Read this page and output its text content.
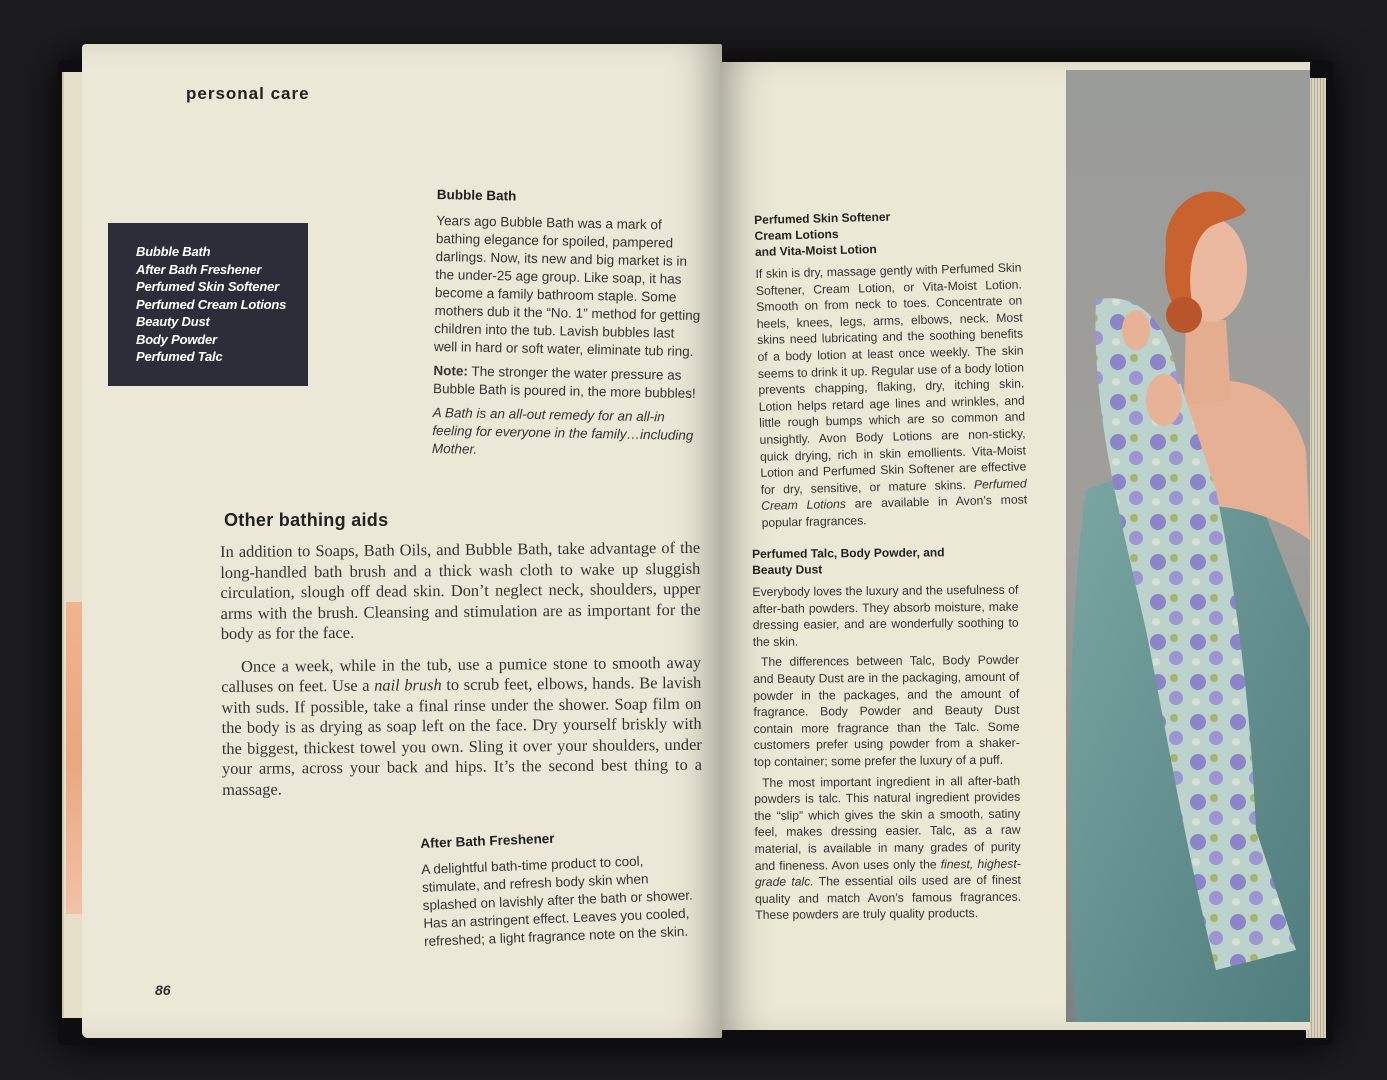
personal care
Bubble Bath
After Bath Freshener
Perfumed Skin Softener
Perfumed Cream Lotions
Beauty Dust
Body Powder
Perfumed Talc
Bubble Bath

Years ago Bubble Bath was a mark of bathing elegance for spoiled, pampered darlings. Now, its new and big market is in the under-25 age group. Like soap, it has become a family bathroom staple. Some mothers dub it the “No. 1” method for getting children into the tub. Lavish bubbles last well in hard or soft water, eliminate tub ring.

Note: The stronger the water pressure as Bubble Bath is poured in, the more bubbles!

A Bath is an all-out remedy for an all-in feeling for everyone in the family…including Mother.

Other bathing aids

In addition to Soaps, Bath Oils, and Bubble Bath, take advantage of the long-handled bath brush and a thick wash cloth to wake up sluggish circulation, slough off dead skin. Don’t neglect neck, shoulders, upper arms with the brush. Cleansing and stimulation are as important for the body as for the face.

Once a week, while in the tub, use a pumice stone to smooth away calluses on feet. Use a nail brush to scrub feet, elbows, hands. Be lavish with suds. If possible, take a final rinse under the shower. Soap film on the body is as drying as soap left on the face. Dry yourself briskly with the biggest, thickest towel you own. Sling it over your shoulders, under your arms, across your back and hips. It’s the second best thing to a massage.

After Bath Freshener

A delightful bath-time product to cool, stimulate, and refresh body skin when splashed on lavishly after the bath or shower. Has an astringent effect. Leaves you cooled, refreshed; a light fragrance note on the skin.

86
Perfumed Skin Softener
Cream Lotions
and Vita-Moist Lotion

If skin is dry, massage gently with Perfumed Skin Softener, Cream Lotion, or Vita-Moist Lotion. Smooth on from neck to toes. Concentrate on heels, knees, legs, arms, elbows, neck. Most skins need lubricating and the soothing benefits of a body lotion at least once weekly. The skin seems to drink it up. Regular use of a body lotion prevents chapping, flaking, dry, itching skin. Lotion helps retard age lines and wrinkles, and little rough bumps which are so common and unsightly. Avon Body Lotions are non-sticky, quick drying, rich in skin emollients. Vita-Moist Lotion and Perfumed Skin Softener are effective for dry, sensitive, or mature skins. Perfumed Cream Lotions are available in Avon’s most popular fragrances.

Perfumed Talc, Body Powder, and
Beauty Dust

Everybody loves the luxury and the usefulness of after-bath powders. They absorb moisture, make dressing easier, and are wonderfully soothing to the skin.

The differences between Talc, Body Powder and Beauty Dust are in the packaging, amount of powder in the packages, and the amount of fragrance. Body Powder and Beauty Dust contain more fragrance than the Talc. Some customers prefer using powder from a shaker-top container; some prefer the luxury of a puff.

The most important ingredient in all after-bath powders is talc. This natural ingredient provides the “slip” which gives the skin a smooth, satiny feel, makes dressing easier. Talc, as a raw material, is available in many grades of purity and fineness. Avon uses only the finest, highest-grade talc. The essential oils used are of finest quality and match Avon’s famous fragrances. These powders are truly quality products.
